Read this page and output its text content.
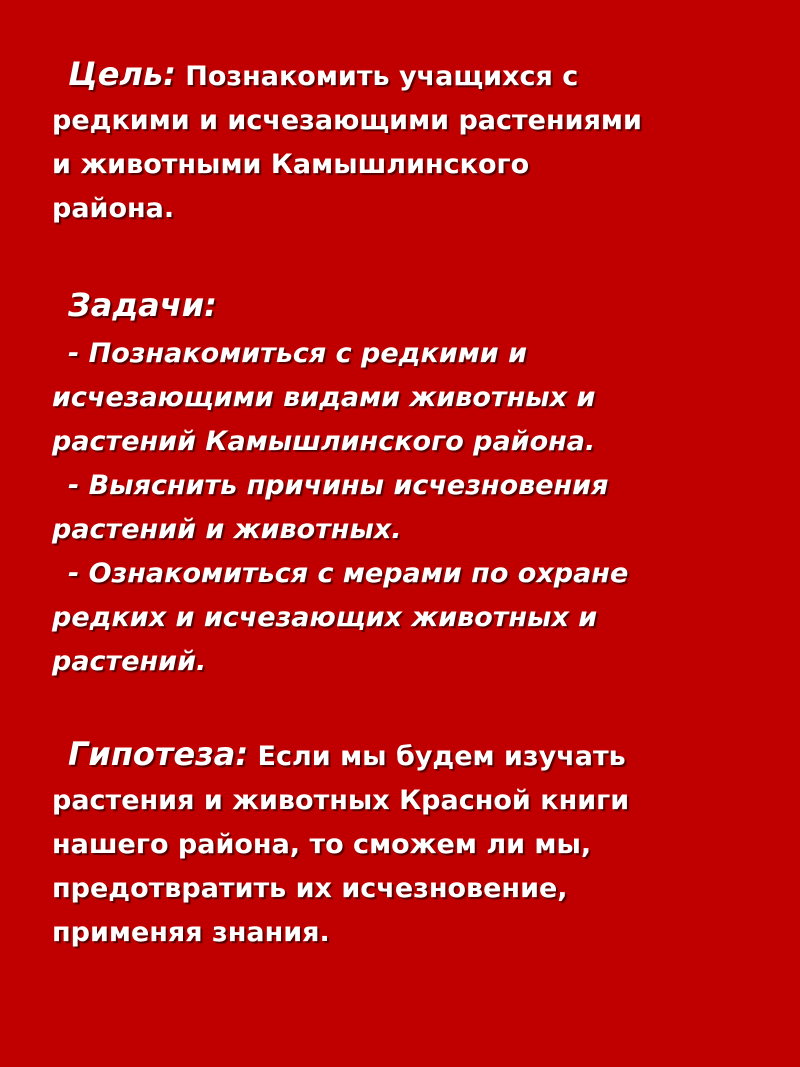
Цель: Познакомить учащихся с
редкими и исчезающими растениями
и животными Камышлинского
района.
Задачи:
- Познакомиться с редкими и
исчезающими видами животных и
растений Камышлинского района.
- Выяснить причины исчезновения
растений и животных.
- Ознакомиться с мерами по охране
редких и исчезающих животных и
растений.
Гипотеза: Если мы будем изучать
растения и животных Красной книги
нашего района, то сможем ли мы,
предотвратить их исчезновение,
применяя знания.
